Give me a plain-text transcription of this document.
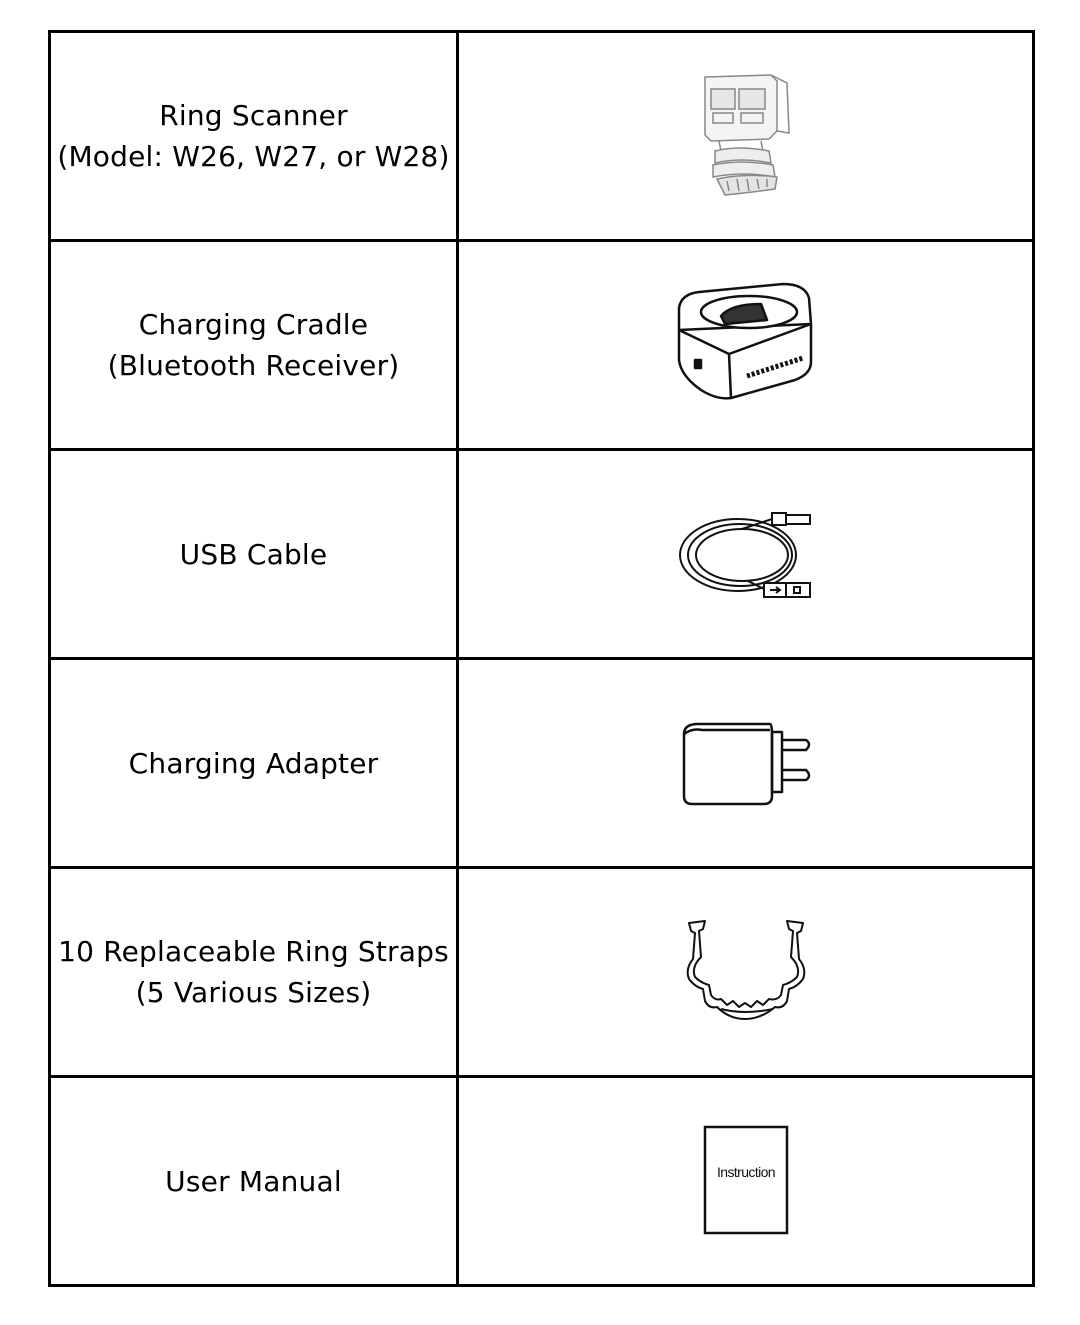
Ring Scanner
(Model: W26, W27, or W28)

Charging Cradle
(Bluetooth Receiver)

USB Cable

Charging Adapter

10 Replaceable Ring Straps
(5 Various Sizes)

User Manual	Instruction
